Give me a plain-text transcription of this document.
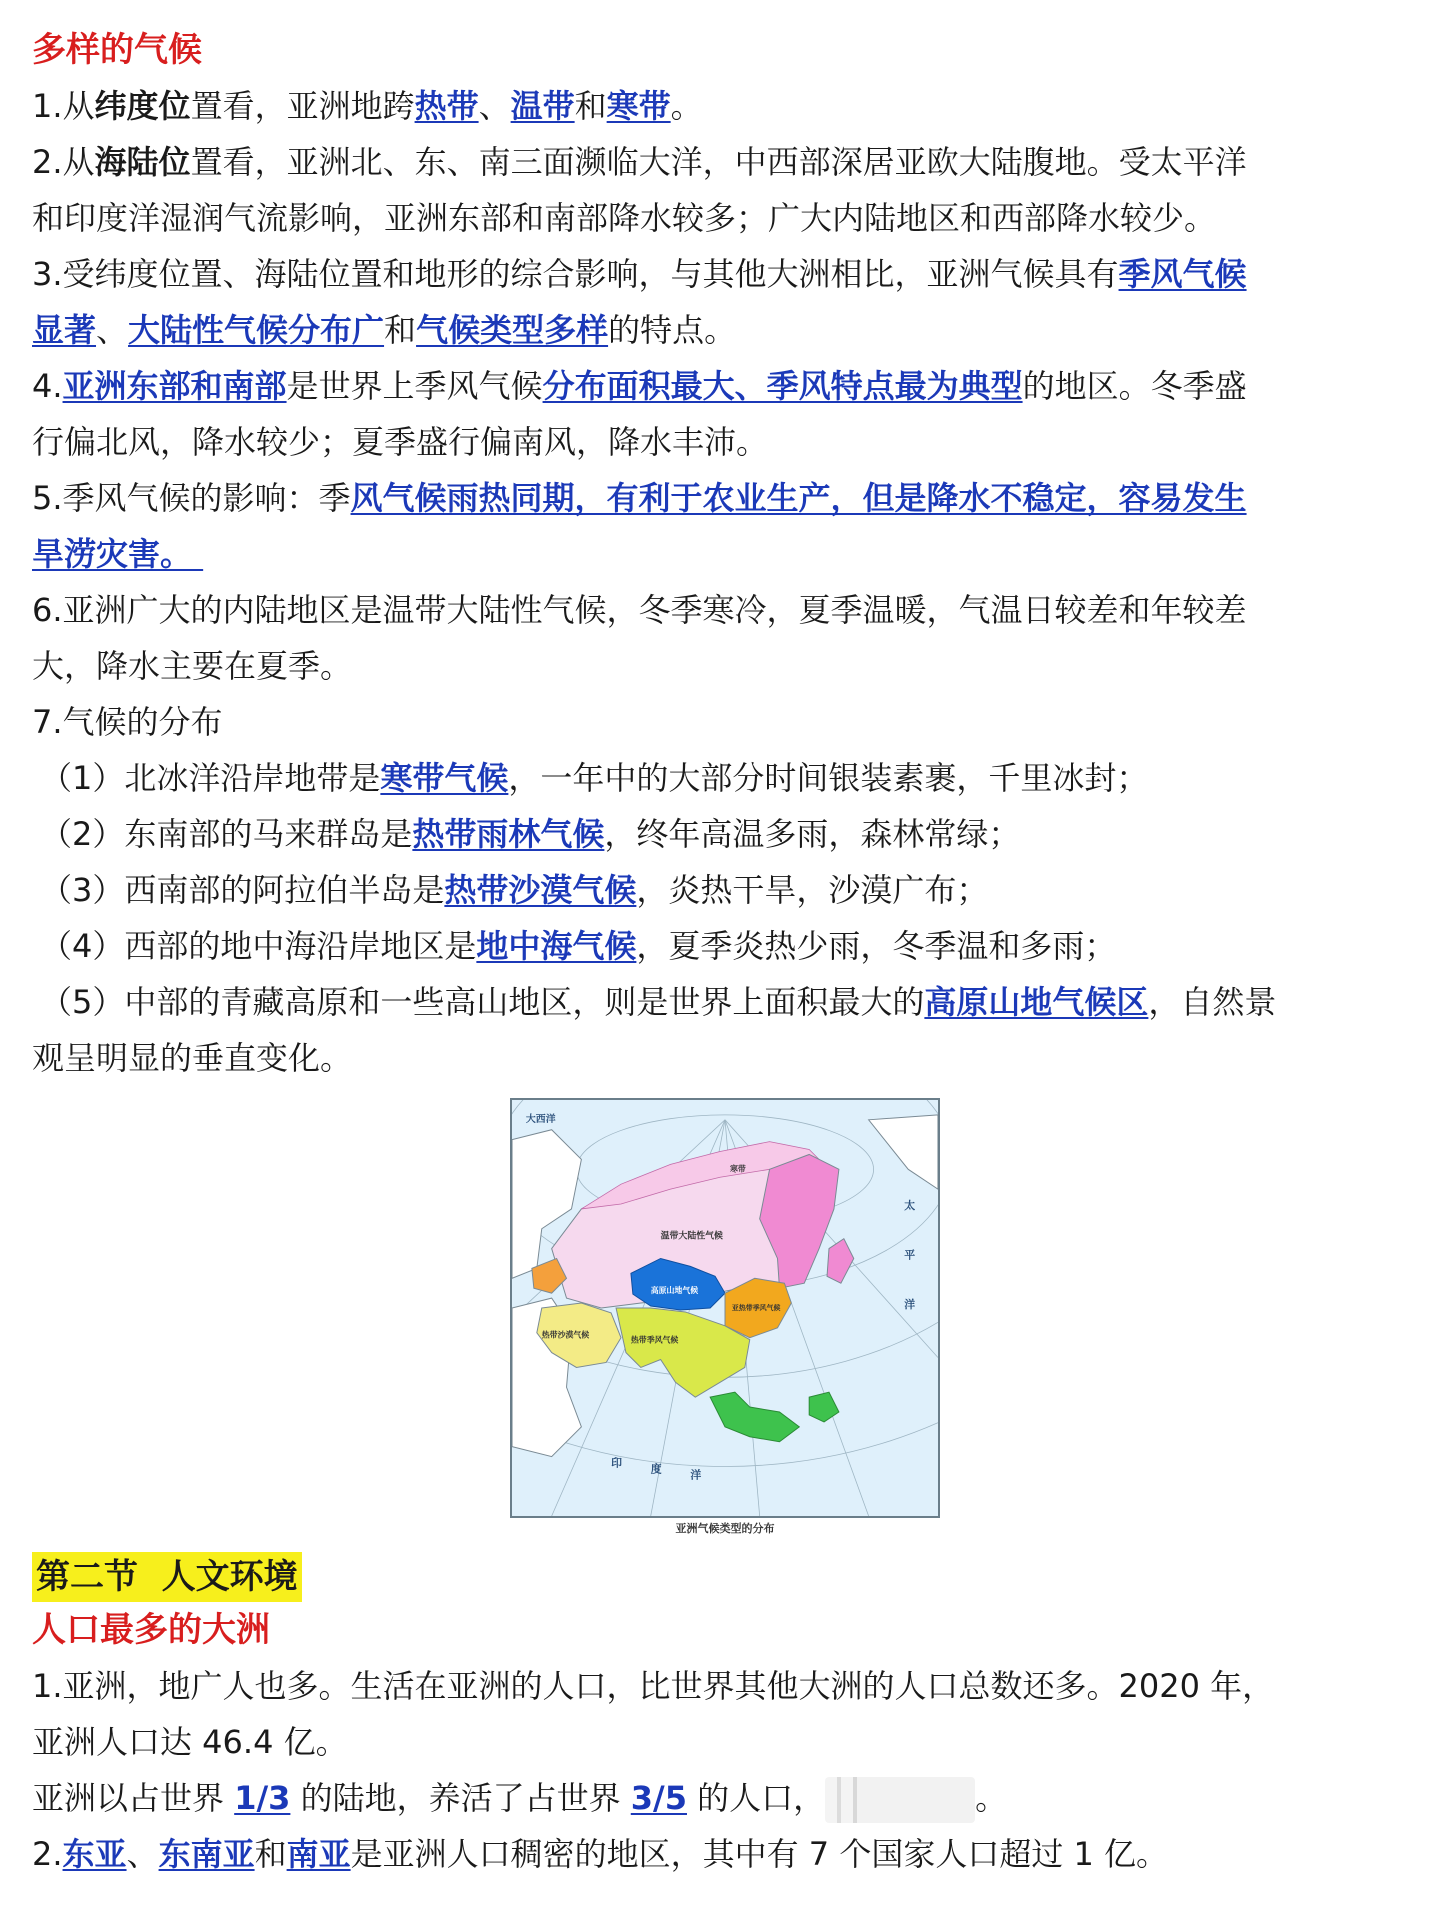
多样的气候

1.从纬度位置看，亚洲地跨热带、温带和寒带。

2.从海陆位置看，亚洲北、东、南三面濒临大洋，中西部深居亚欧大陆腹地。受太平洋

和印度洋湿润气流影响，亚洲东部和南部降水较多；广大内陆地区和西部降水较少。

3.受纬度位置、海陆位置和地形的综合影响，与其他大洲相比，亚洲气候具有季风气候

显著、大陆性气候分布广和气候类型多样的特点。

4.亚洲东部和南部是世界上季风气候分布面积最大、季风特点最为典型的地区。冬季盛

行偏北风，降水较少；夏季盛行偏南风，降水丰沛。

5.季风气候的影响：季风气候雨热同期，有利于农业生产，但是降水不稳定，容易发生

旱涝灾害。

6.亚洲广大的内陆地区是温带大陆性气候，冬季寒冷，夏季温暖，气温日较差和年较差

大，降水主要在夏季。

7.气候的分布

（1）北冰洋沿岸地带是寒带气候，一年中的大部分时间银装素裹，千里冰封；

（2）东南部的马来群岛是热带雨林气候，终年高温多雨，森林常绿；

（3）西南部的阿拉伯半岛是热带沙漠气候，炎热干旱，沙漠广布；

（4）西部的地中海沿岸地区是地中海气候，夏季炎热少雨，冬季温和多雨；

（5）中部的青藏高原和一些高山地区，则是世界上面积最大的高原山地气候区，自然景

观呈明显的垂直变化。

大西洋
太
平
洋
印	度	洋
温带大陆性气候
高原山地气候
热带沙漠气候
热带季风气候
亚热带季风气候
寒带

亚洲气候类型的分布

第二节  人文环境

人口最多的大洲

1.亚洲，地广人也多。生活在亚洲的人口，比世界其他大洲的人口总数还多。2020 年，

亚洲人口达 46.4 亿。

亚洲以占世界 1/3 的陆地，养活了占世界 3/5 的人口，	。

2.东亚、东南亚和南亚是亚洲人口稠密的地区，其中有 7 个国家人口超过 1 亿。
